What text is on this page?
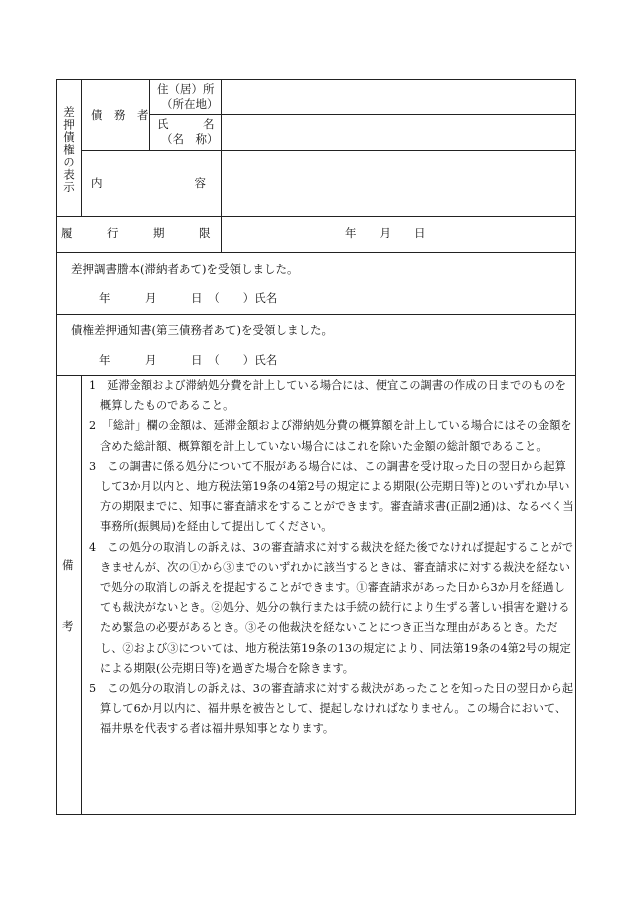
差押債権の表示 債　務　者
住（居）所
（所在地）
氏　　　名
（名　称）
内　　　　　　　　容
履　　　行　　　期　　　限	年　　月　　日
差押調書謄本(滞納者あて)を受領しました。
年　　　月　　　日　（　　）氏名
債権差押通知書(第三債務者あて)を受領しました。
年　　　月　　　日　（　　）氏名
備
考

1　延滞金額および滞納処分費を計上している場合には、便宜この調書の作成の日までのものを概算したものであること。

2　「総計」欄の金額は、延滞金額および滞納処分費の概算額を計上している場合にはその金額を含めた総計額、概算額を計上していない場合にはこれを除いた金額の総計額であること。

3　この調書に係る処分について不服がある場合には、この調書を受け取った日の翌日から起算して3か月以内と、地方税法第19条の4第2号の規定による期限(公売期日等)とのいずれか早い方の期限までに、知事に審査請求をすることができます。審査請求書(正副2通)は、なるべく当事務所(振興局)を経由して提出してください。

4　この処分の取消しの訴えは、3の審査請求に対する裁決を経た後でなければ提起することができませんが、次の①から③までのいずれかに該当するときは、審査請求に対する裁決を経ないで処分の取消しの訴えを提起することができます。①審査請求があった日から3か月を経過しても裁決がないとき。②処分、処分の執行または手続の続行により生ずる著しい損害を避けるため緊急の必要があるとき。③その他裁決を経ないことにつき正当な理由があるとき。ただし、②および③については、地方税法第19条の13の規定により、同法第19条の4第2号の規定による期限(公売期日等)を過ぎた場合を除きます。

5　この処分の取消しの訴えは、3の審査請求に対する裁決があったことを知った日の翌日から起算して6か月以内に、福井県を被告として、提起しなければなりません。この場合において、福井県を代表する者は福井県知事となります。
